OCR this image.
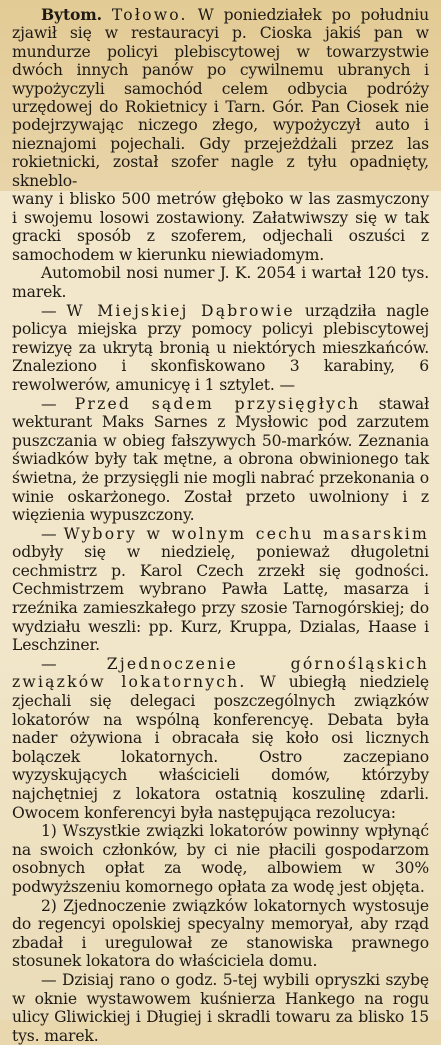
Bytom. Tołowo. W poniedziałek po południu zjawił się w restauracyi p. Cioska jakiś pan w mundurze policyi plebiscytowej w towarzystwie dwóch innych panów po cywilnemu ubranych i wypożyczyli samochód celem odbycia podróży urzędowej do Rokietnicy i Tarn. Gór. Pan Ciosek nie podejrzywając niczego złego, wypożyczył auto i nieznajomi pojechali. Gdy przejeżdżali przez las rokietnicki, został szofer nagle z tyłu opadnięty, skneblo-

wany i blisko 500 metrów głęboko w las zasmyczony i swojemu losowi zostawiony. Załatwiwszy się w tak gracki sposób z szoferem, odjechali oszuści z samochodem w kierunku niewiadomym.

Automobil nosi numer J. K. 2054 i wartał 120 tys. marek.

— W Miejskiej Dąbrowie urządziła nagle policya miejska przy pomocy policyi plebiscytowej rewizyę za ukrytą bronią u niektórych mieszkańców. Znaleziono i skonfiskowano 3 karabiny, 6 rewolwerów, amunicyę i 1 sztylet. —

— Przed sądem przysięgłych stawał wekturant Maks Sarnes z Mysłowic pod zarzutem puszczania w obieg fałszywych 50-marków. Zeznania świadków były tak mętne, a obrona obwinionego tak świetna, że przysięgli nie mogli nabrać przekonania o winie oskarżonego. Został przeto uwolniony i z więzienia wypuszczony.

— Wybory w wolnym cechu masarskim odbyły się w niedzielę, ponieważ długoletni cechmistrz p. Karol Czech zrzekł się godności. Cechmistrzem wybrano Pawła Lattę, masarza i rzeźnika zamieszkałego przy szosie Tarnogórskiej; do wydziału weszli: pp. Kurz, Kruppa, Dzialas, Haase i Leschziner.

— Zjednoczenie górnośląskich związków lokatornych. W ubiegłą niedzielę zjechali się delegaci poszczególnych związków lokatorów na wspólną konferencyę. Debata była nader ożywiona i obracała się koło osi licznych bolączek lokatornych. Ostro zaczepiano wyzyskujących właścicieli domów, którzyby najchętniej z lokatora ostatnią koszulinę zdarli. Owocem konferencyi była następująca rezolucya:

1) Wszystkie związki lokatorów powinny wpłynąć na swoich członków, by ci nie płacili gospodarzom osobnych opłat za wodę, albowiem w 30% podwyższeniu komornego opłata za wodę jest objęta.

2) Zjednoczenie związków lokatornych wystosuje do regencyi opolskiej specyalny memoryał, aby rząd zbadał i uregulował ze stanowiska prawnego stosunek lokatora do właściciela domu.

— Dzisiaj rano o godz. 5-tej wybili opryszki szybę w oknie wystawowem kuśnierza Hankego na rogu ulicy Gliwickiej i Długiej i skradli towaru za blisko 15 tys. marek.
